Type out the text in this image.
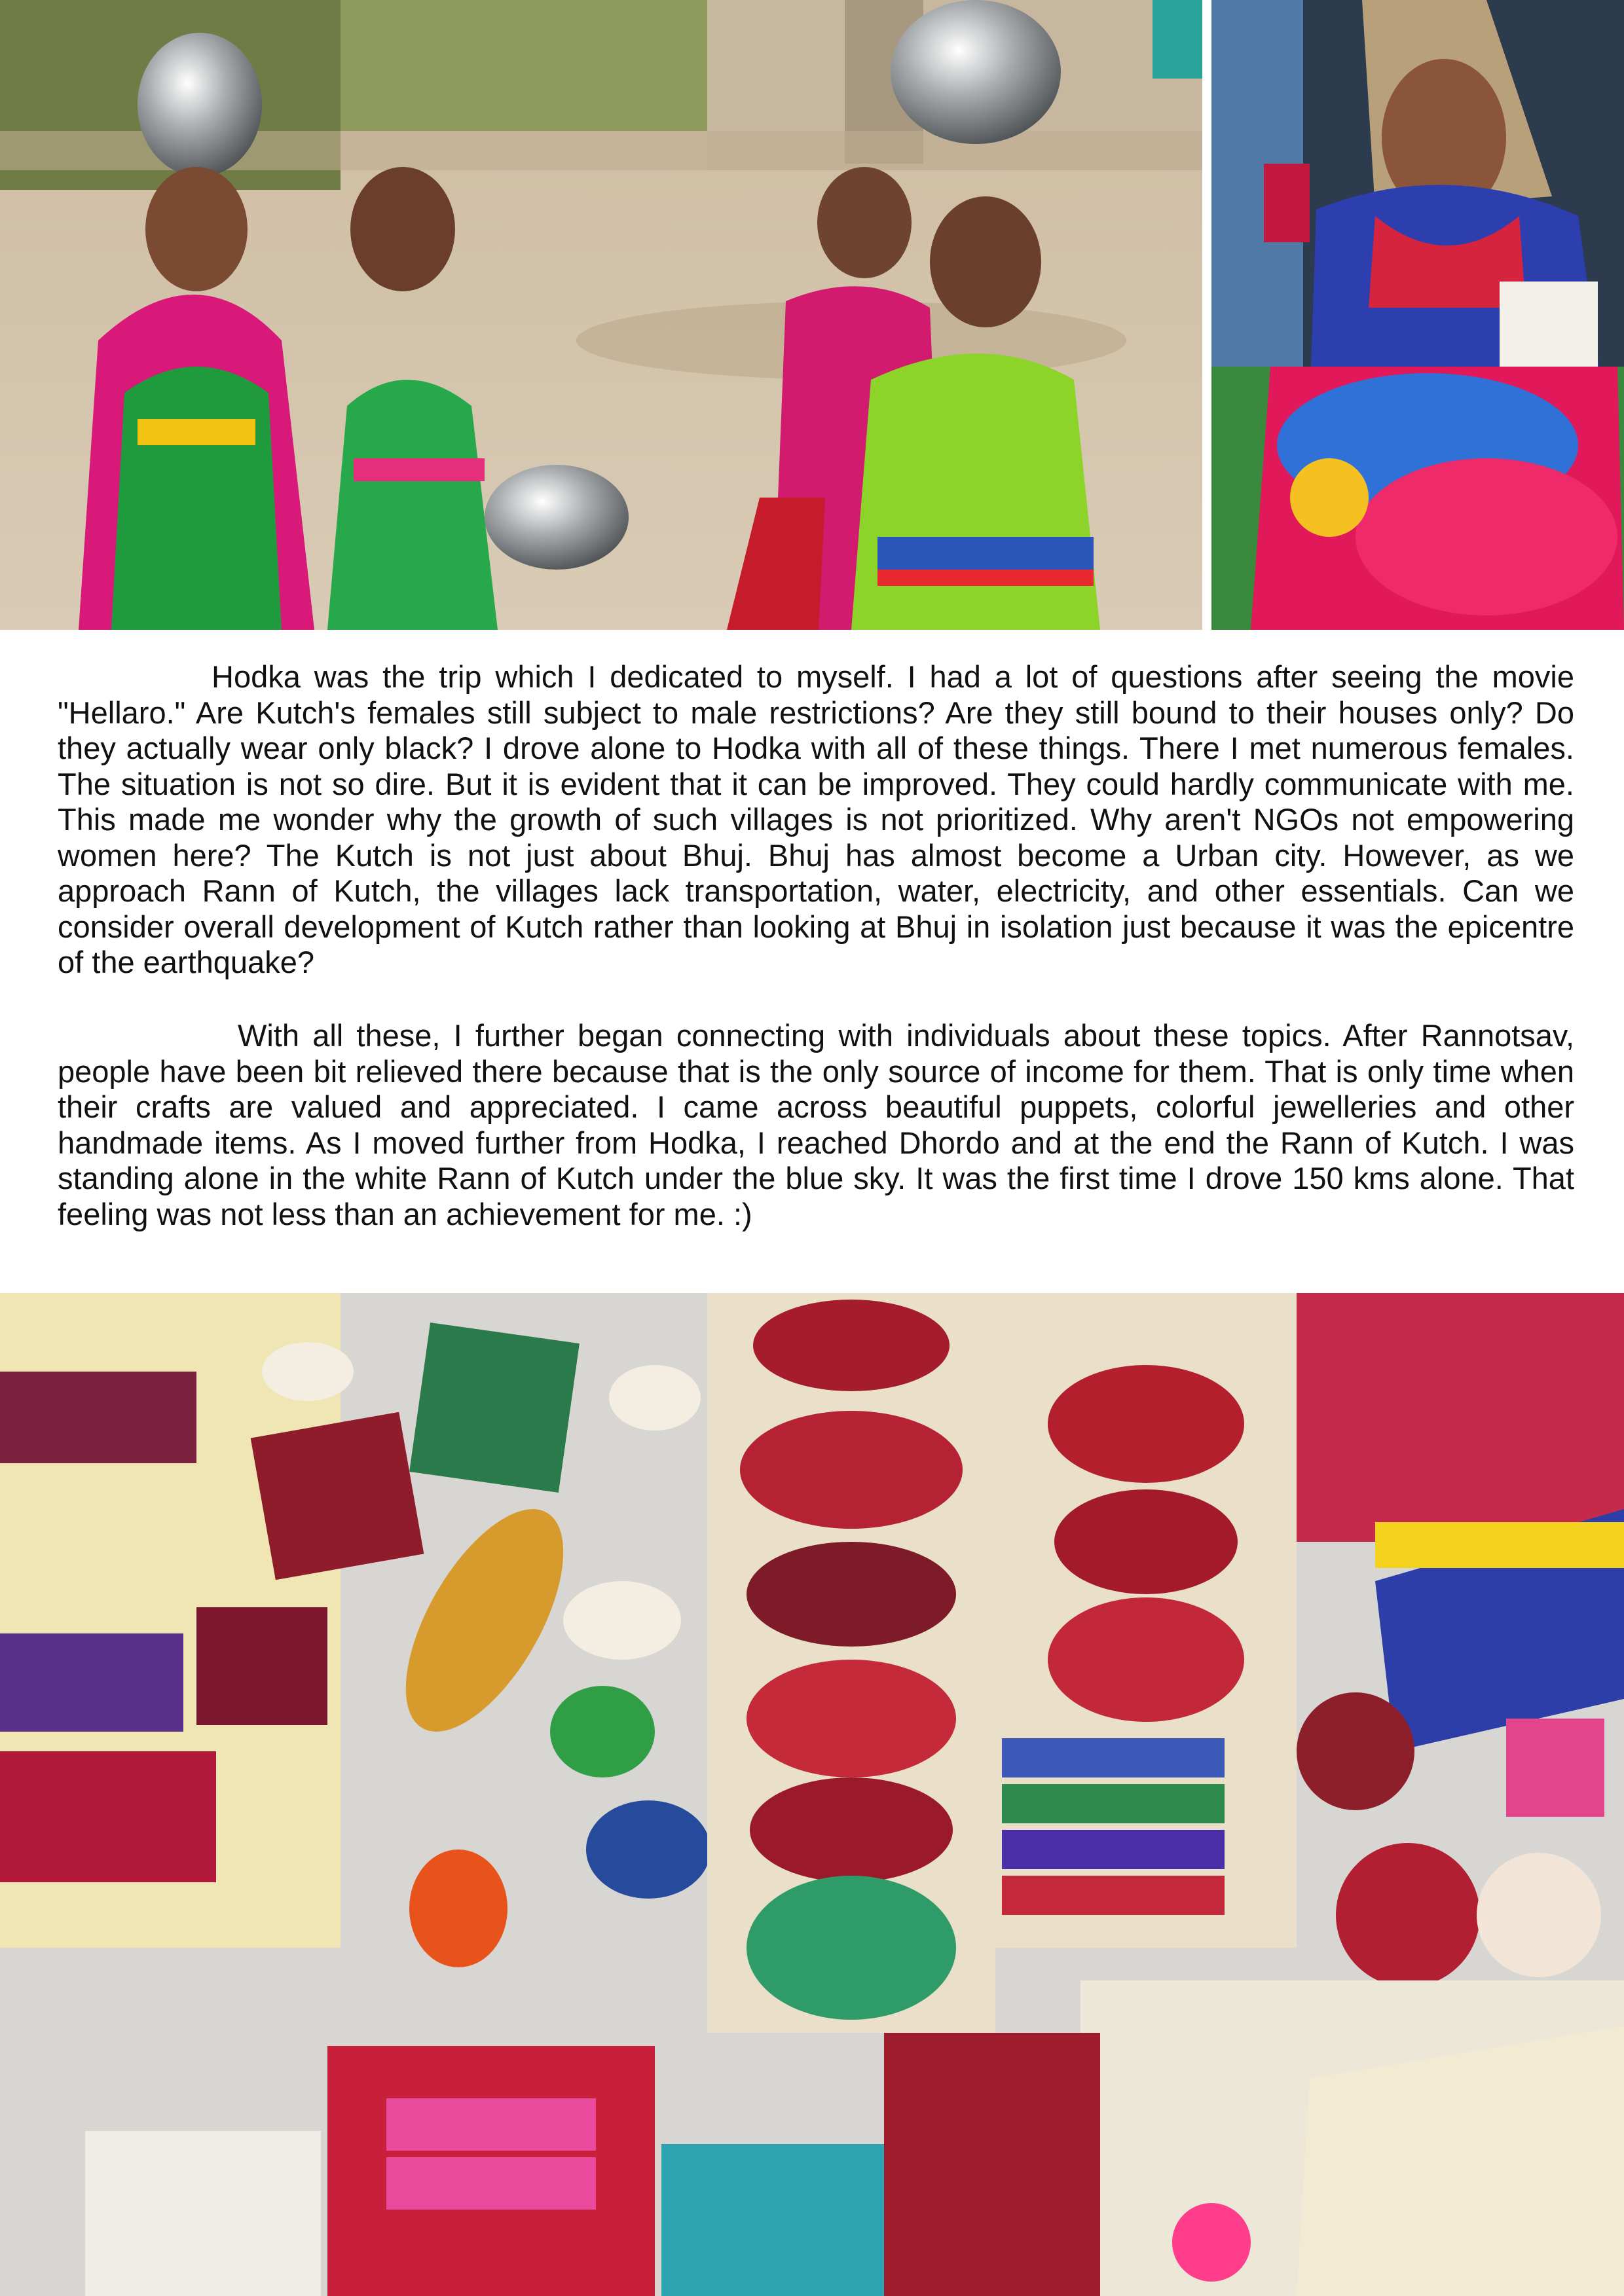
Hodka was the trip which I dedicated to myself. I had a lot of questions after seeing the movie "Hellaro." Are Kutch's females still subject to male restrictions? Are they still bound to their houses only? Do they actually wear only black? I drove alone to Hodka with all of these things. There I met numerous females. The situation is not so dire. But it is evident that it can be improved. They could hardly communicate with me. This made me wonder why the growth of such villages is not prioritized. Why aren't NGOs not empowering women here? The Kutch is not just about Bhuj. Bhuj has almost become a Urban city. However, as we approach Rann of Kutch, the villages lack transportation, water, electricity, and other essentials. Can we consider overall development of Kutch rather than looking at Bhuj in isolation just because it was the epicentre of the earthquake?

With all these, I further began connecting with individuals about these topics. After Rannotsav, people have been bit relieved there because that is the only source of income for them. That is only time when their crafts are valued and appreciated. I came across beautiful puppets, colorful jewelleries and other handmade items. As I moved further from Hodka, I reached Dhordo and at the end the Rann of Kutch. I was standing alone in the white Rann of Kutch under the blue sky. It was the first time I drove 150 kms alone. That feeling was not less than an achievement for me. :)
